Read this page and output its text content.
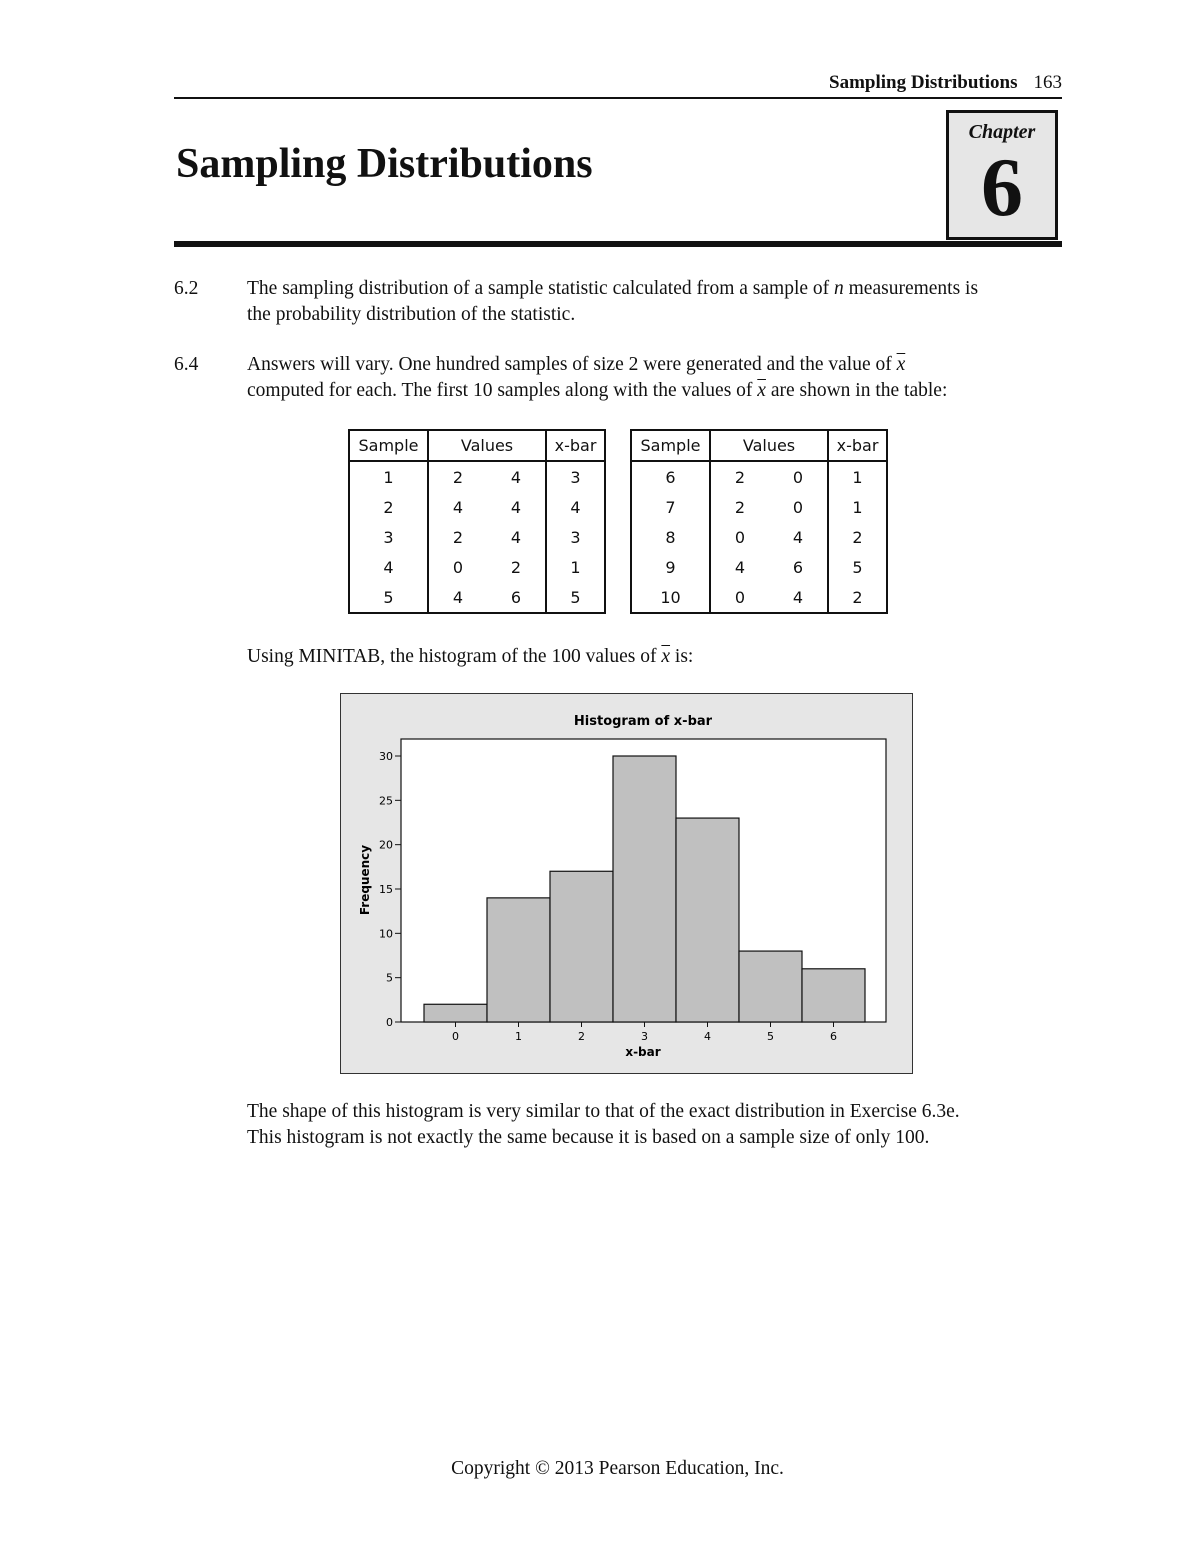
Sampling Distributions 163
Sampling Distributions
Chapter
6
6.2 The sampling distribution of a sample statistic calculated from a sample of n measurements is
the probability distribution of the statistic.
6.4 Answers will vary. One hundred samples of size 2 were generated and the value of $\overline{x}$
computed for each. The first 10 samples along with the values of $\overline{x}$ are shown in the table:
Sample	Values		x-bar		Sample	Values		x-bar
1	2	4	3		6	2	0	1
2	4	4	4		7	2	0	1
3	2	4	3		8	0	4	2
4	0	2	1		9	4	6	5
5	4	6	5		10	0	4	2
Using MINITAB, the histogram of the 100 values of $\overline{x}$ is:
0
5
10
15
20
25
30
0	1	2	3	4	5	6
Histogram of x-bar
x-bar
Frequency
The shape of this histogram is very similar to that of the exact distribution in Exercise 6.3e.
This histogram is not exactly the same because it is based on a sample size of only 100.
Copyright © 2013 Pearson Education, Inc.
